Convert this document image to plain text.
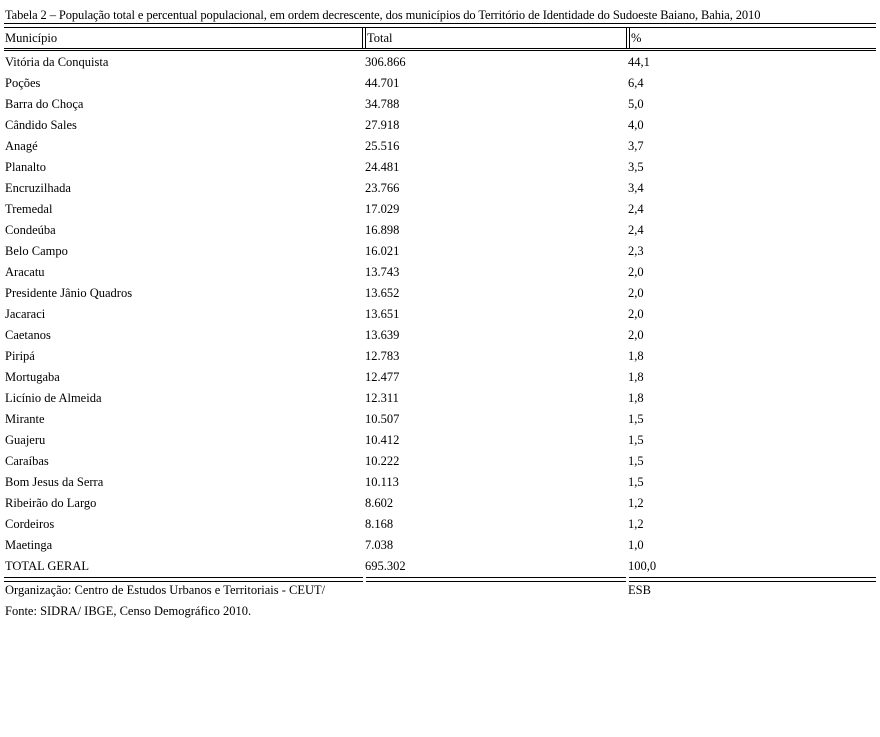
Tabela 2 – População total e percentual populacional, em ordem decrescente, dos municípios do Território de Identidade do Sudoeste Baiano, Bahia, 2010
Município	Total	%
Vitória da Conquista	306.866	44,1
Poções	44.701	6,4
Barra do Choça	34.788	5,0
Cândido Sales	27.918	4,0
Anagé	25.516	3,7
Planalto	24.481	3,5
Encruzilhada	23.766	3,4
Tremedal	17.029	2,4
Condeúba	16.898	2,4
Belo Campo	16.021	2,3
Aracatu	13.743	2,0
Presidente Jânio Quadros	13.652	2,0
Jacaraci	13.651	2,0
Caetanos	13.639	2,0
Piripá	12.783	1,8
Mortugaba	12.477	1,8
Licínio de Almeida	12.311	1,8
Mirante	10.507	1,5
Guajeru	10.412	1,5
Caraíbas	10.222	1,5
Bom Jesus da Serra	10.113	1,5
Ribeirão do Largo	8.602	1,2
Cordeiros	8.168	1,2
Maetinga	7.038	1,0
TOTAL GERAL	695.302	100,0
Organização: Centro de Estudos Urbanos e Territoriais - CEUT/	ESB
Fonte: SIDRA/ IBGE, Censo Demográfico 2010.
